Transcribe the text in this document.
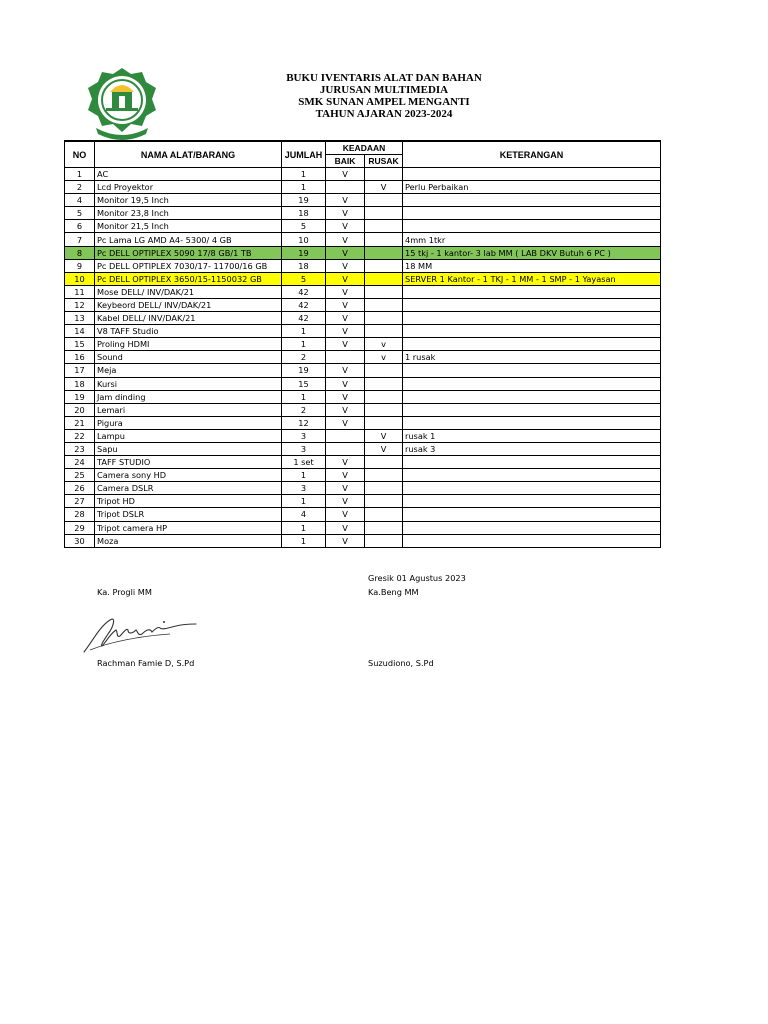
BUKU IVENTARIS ALAT DAN BAHAN
JURUSAN MULTIMEDIA
SMK SUNAN AMPEL MENGANTI
TAHUN AJARAN 2023-2024
NO	NAMA ALAT/BARANG	JUMLAH	KEADAAN		KETERANGAN
			BAIK	RUSAK	
1	AC	1	V		
2	Lcd Proyektor	1		V	Perlu Perbaikan
4	Monitor 19,5 Inch	19	V		
5	Monitor 23,8 Inch	18	V		
6	Monitor 21,5 Inch	5	V		
7	Pc Lama LG AMD A4- 5300/ 4 GB	10	V		4mm 1tkr
8	Pc DELL OPTIPLEX 5090 17/8 GB/1 TB	19	V		15 tkj - 1 kantor- 3 lab MM ( LAB DKV Butuh 6 PC )
9	Pc DELL OPTIPLEX 7030/17- 11700/16 GB	18	V		18 MM
10	Pc DELL OPTIPLEX 3650/15-1150032 GB	5	V		SERVER 1 Kantor - 1 TKJ - 1 MM - 1 SMP - 1 Yayasan
11	Mose DELL/ INV/DAK/21	42	V		
12	Keybeord DELL/ INV/DAK/21	42	V		
13	Kabel DELL/ INV/DAK/21	42	V		
14	V8 TAFF Studio	1	V		
15	Proling HDMI	1	V	v	
16	Sound	2		v	1 rusak
17	Meja	19	V		
18	Kursi	15	V		
19	Jam dinding	1	V		
20	Lemari	2	V		
21	Pigura	12	V		
22	Lampu	3		V	rusak 1
23	Sapu	3		V	rusak 3
24	TAFF STUDIO	1 set	V		
25	Camera sony HD	1	V		
26	Camera DSLR	3	V		
27	Tripot HD	1	V		
28	Tripot DSLR	4	V		
29	Tripot camera HP	1	V		
30	Moza	1	V		
Gresik 01 Agustus 2023
Ka. Progli MM	Ka.Beng MM
Rachman Famie D, S.Pd	Suzudiono, S.Pd
